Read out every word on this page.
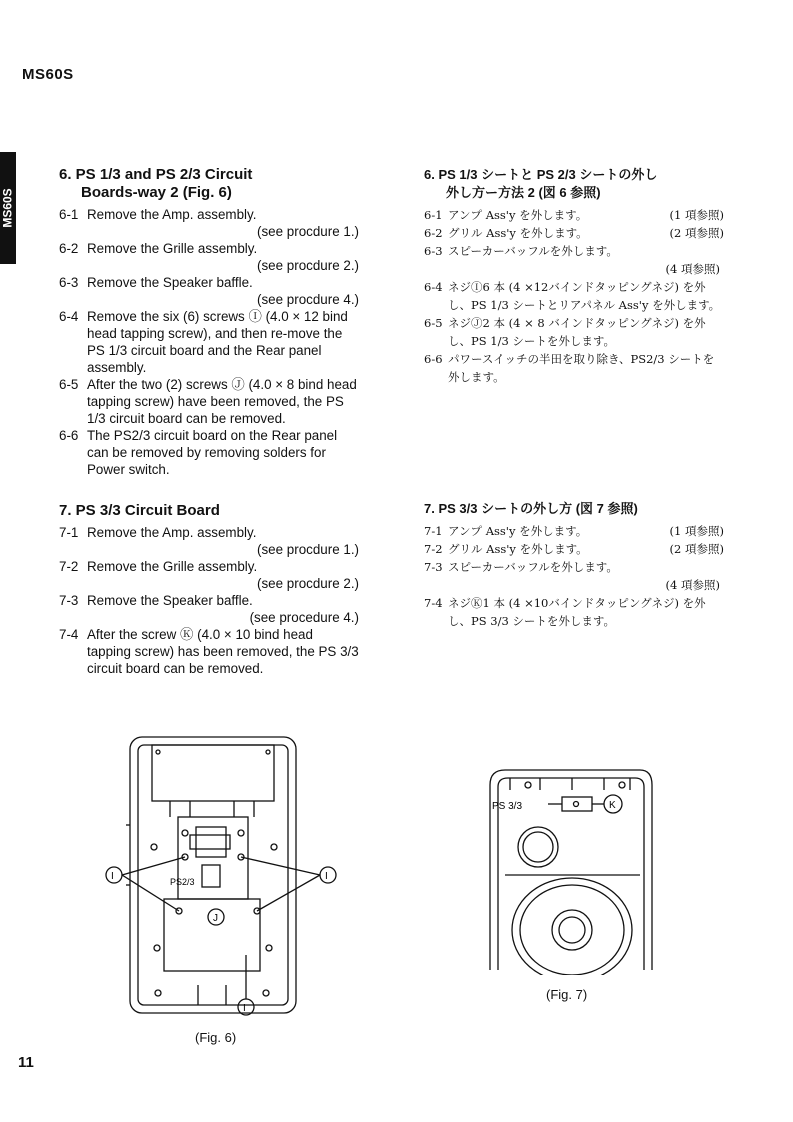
MS60S
MS60S
6. PS 1/3 and PS 2/3 Circuit
Boards-way 2 (Fig. 6)
6-1 Remove the Amp. assembly.
(see procdure 1.)
6-2 Remove the Grille assembly.
(see procdure 2.)
6-3 Remove the Speaker baffle.
(see procdure 4.)
6-4 Remove the six (6) screws Ⓘ (4.0 × 12 bind head tapping screw), and then re-move the PS 1/3 circuit board and the Rear panel assembly.
6-5 After the two (2) screws Ⓙ (4.0 × 8 bind head tapping screw) have been removed, the PS 1/3 circuit board can be removed.
6-6 The PS2/3 circuit board on the Rear panel can be removed by removing solders for Power switch.
7. PS 3/3 Circuit Board
7-1 Remove the Amp. assembly.
(see procdure 1.)
7-2 Remove the Grille assembly.
(see procdure 2.)
7-3 Remove the Speaker baffle.
(see procedure 4.)
7-4 After the screw Ⓚ (4.0 × 10 bind head tapping screw) has been removed, the PS 3/3 circuit board can be removed.
6. PS 1/3 シートと PS 2/3 シートの外し
外し方ー方法 2 (図 6 参照)
6-1 アンプ Ass'y を外します。	(1 項参照)
6-2 グリル Ass'y を外します。	(2 項参照)
6-3 スピーカーバッフルを外します。
(4 項参照)
6-4 ネジⒾ6 本 (4 ×12バインドタッピングネジ) を外し、PS 1/3 シートとリアパネル Ass'y を外します。
6-5 ネジⒿ2 本 (4 × 8 バインドタッピングネジ) を外し、PS 1/3 シートを外します。
6-6 パワースイッチの半田を取り除き、PS2/3 シートを外します。
7. PS 3/3 シートの外し方 (図 7 参照)
7-1 アンプ Ass'y を外します。	(1 項参照)
7-2 グリル Ass'y を外します。	(2 項参照)
7-3 スピーカーバッフルを外します。
(4 項参照)
7-4 ネジⓀ1 本 (4 ×10バインドタッピングネジ) を外し、PS 3/3 シートを外します。
PS2/3
I	I
J
I
(Fig. 6)
PS 3/3	K
(Fig. 7)
11
